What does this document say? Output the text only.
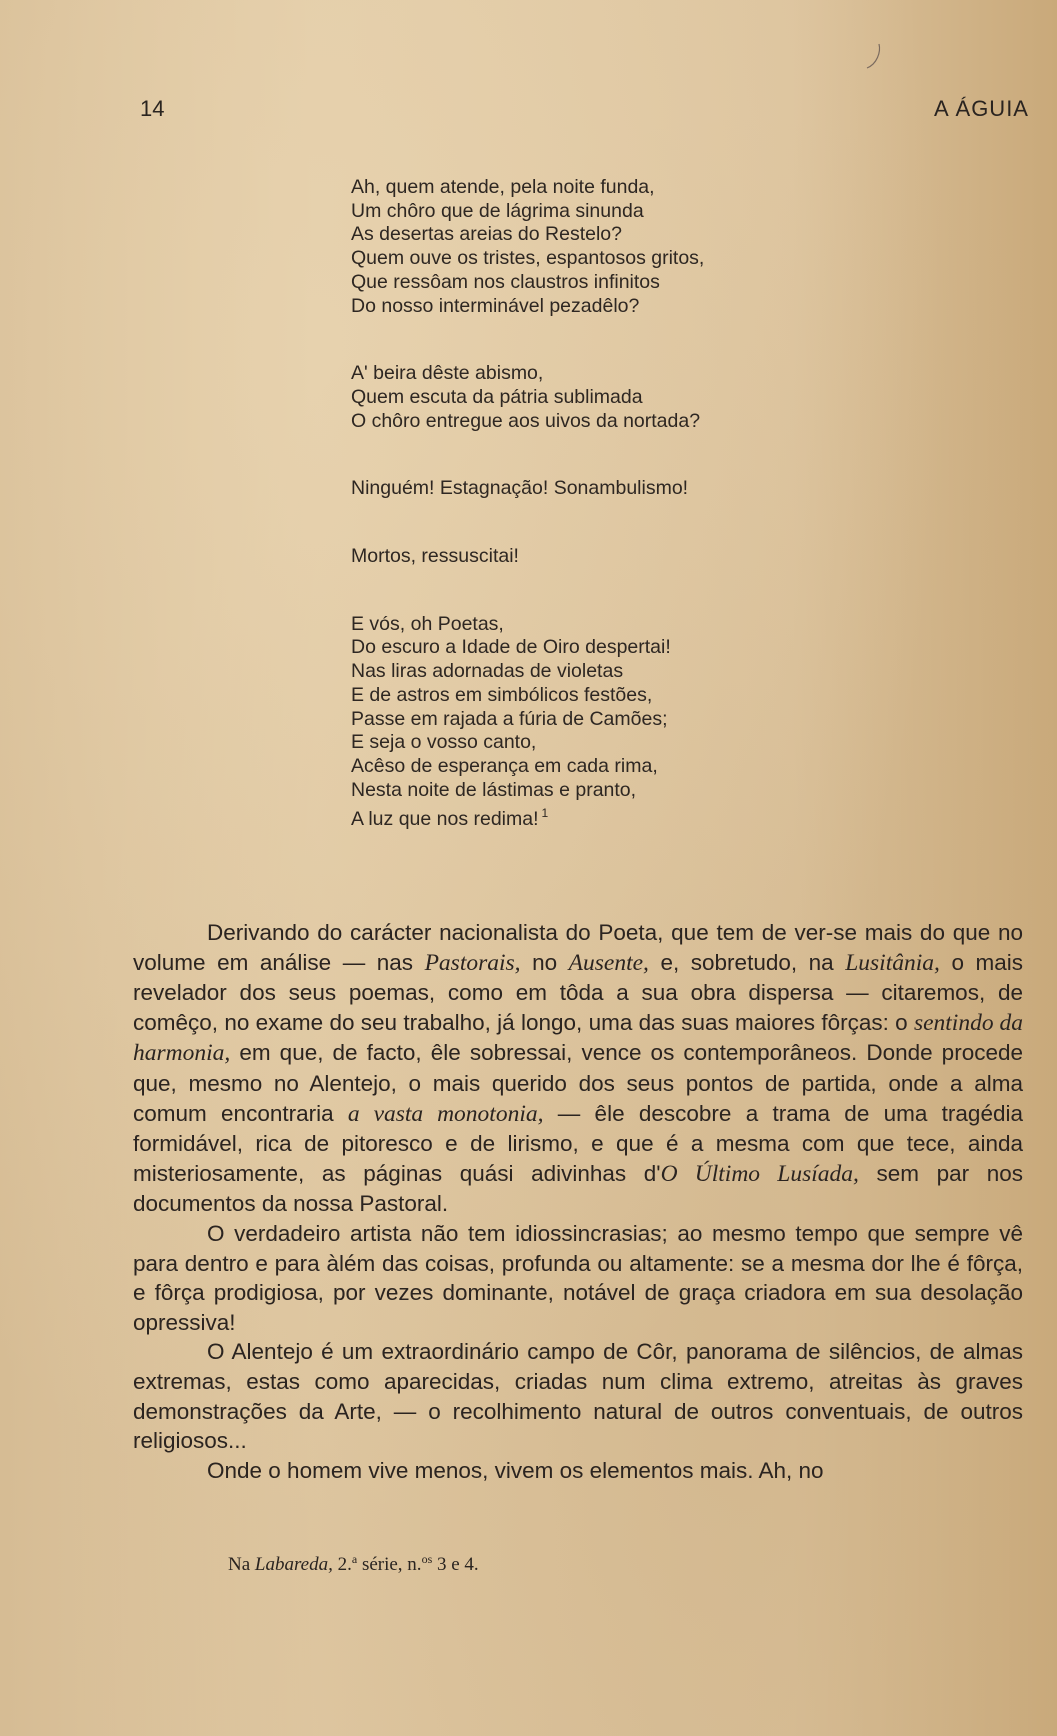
14	A ÁGUIA
Ah, quem atende, pela noite funda,
Um chôro que de lágrima sinunda
As desertas areias do Restelo?
Quem ouve os tristes, espantosos gritos,
Que ressôam nos claustros infinitos
Do nosso interminável pezadêlo?
A' beira dêste abismo,
Quem escuta da pátria sublimada
O chôro entregue aos uivos da nortada?
Ninguém! Estagnação! Sonambulismo!
Mortos, ressuscitai!
E vós, oh Poetas,
Do escuro a Idade de Oiro despertai!
Nas liras adornadas de violetas
E de astros em simbólicos festões,
Passe em rajada a fúria de Camões;
E seja o vosso canto,
Acêso de esperança em cada rima,
Nesta noite de lástimas e pranto,
A luz que nos redima! $^1$

Derivando do carácter nacionalista do Poeta, que tem de ver-se mais do que no volume em análise — nas Pastorais, no Ausente, e, sobretudo, na Lusitânia, o mais revelador dos seus poemas, como em tôda a sua obra dispersa — citaremos, de comêço, no exame do seu trabalho, já longo, uma das suas maiores fôrças: o sentindo da harmonia, em que, de facto, êle sobressai, vence os contemporâneos. Donde procede que, mesmo no Alentejo, o mais querido dos seus pontos de partida, onde a alma comum encontraria a vasta monotonia, — êle descobre a trama de uma tragédia formidável, rica de pitoresco e de lirismo, e que é a mesma com que tece, ainda misteriosamente, as páginas quási adivinhas d'O Último Lusíada, sem par nos documentos da nossa Pastoral.

O verdadeiro artista não tem idiossincrasias; ao mesmo tempo que sempre vê para dentro e para àlém das coisas, profunda ou altamente: se a mesma dor lhe é fôrça, e fôrça prodigiosa, por vezes dominante, notável de graça criadora em sua desolação opressiva!

O Alentejo é um extraordinário campo de Côr, panorama de silêncios, de almas extremas, estas como aparecidas, criadas num clima extremo, atreitas às graves demonstrações da Arte, — o recolhimento natural de outros conventuais, de outros religiosos...

Onde o homem vive menos, vivem os elementos mais. Ah, no

Na Labareda, 2.$^a$ série, n.$^{os}$ 3 e 4.
